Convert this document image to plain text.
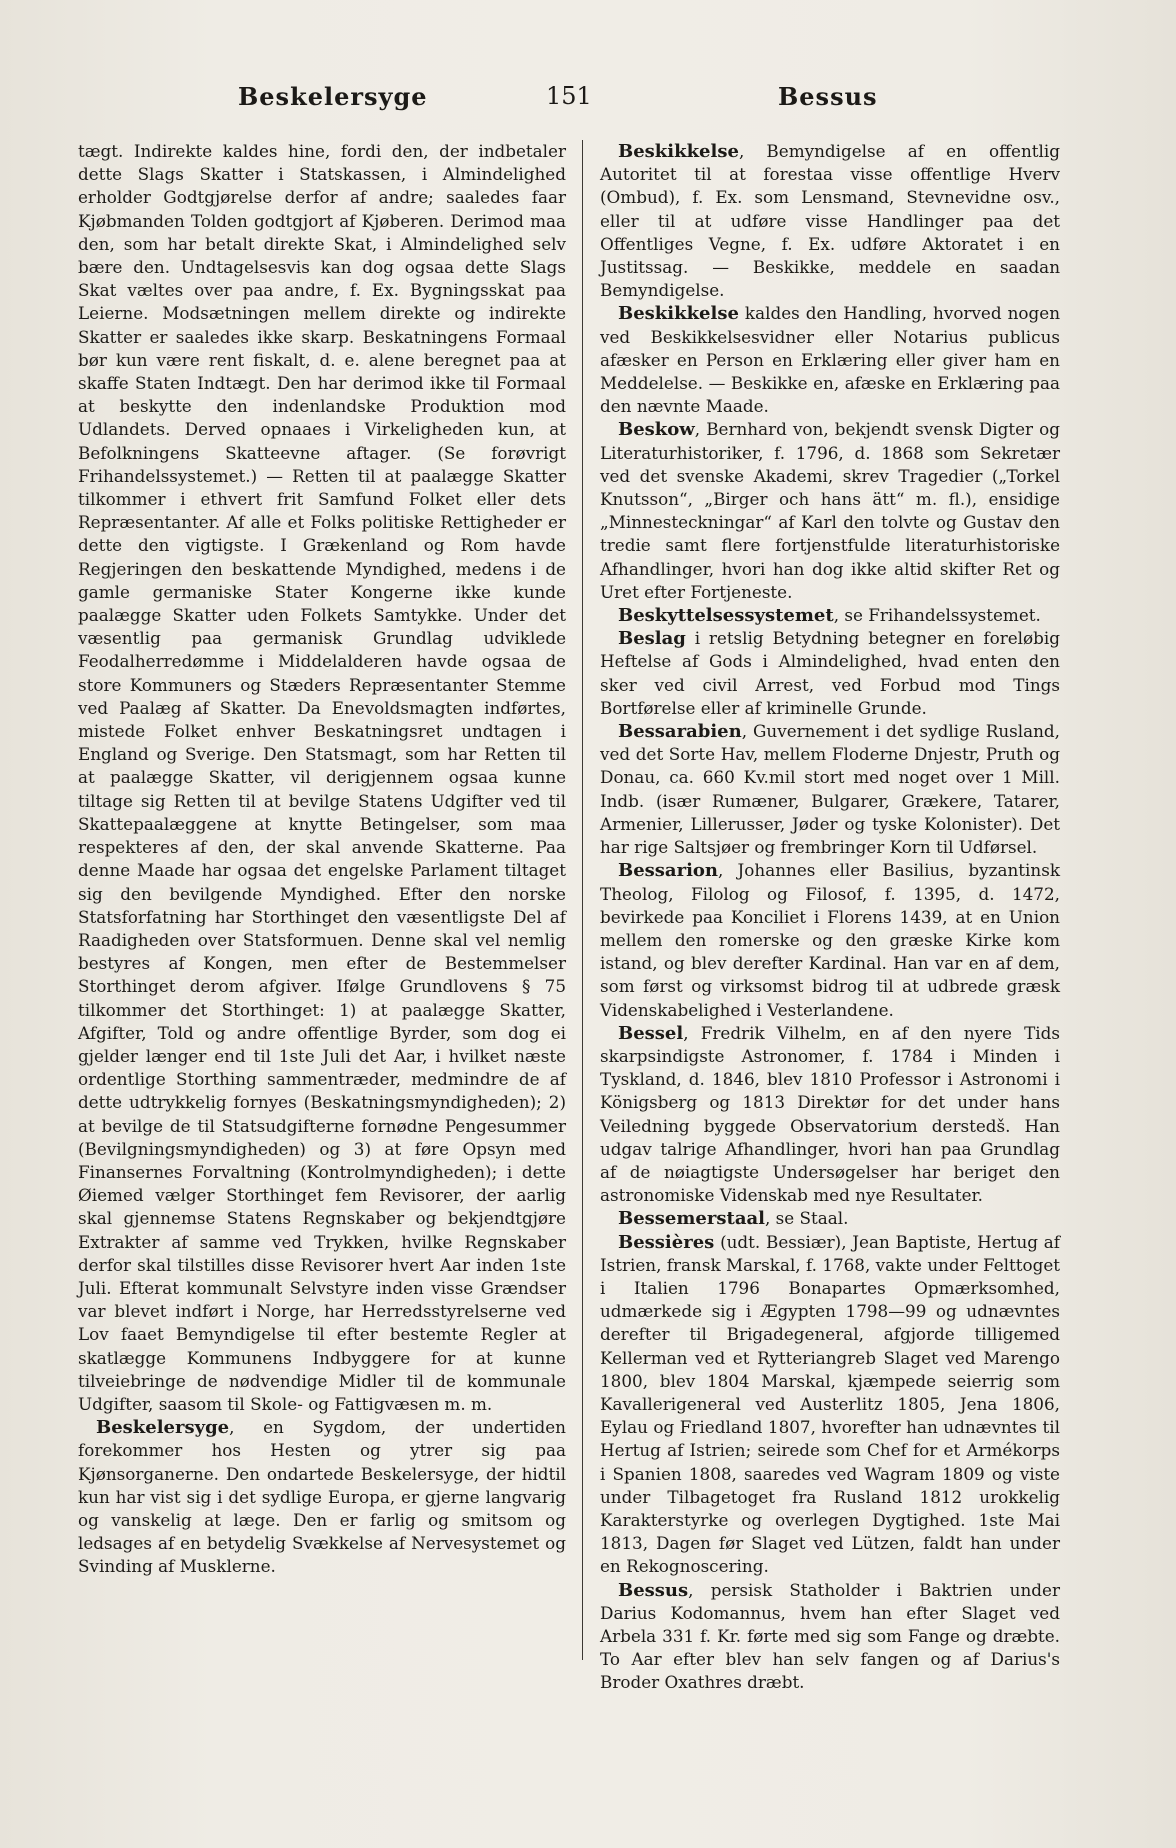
Beskelersyge	151	Bessus

tægt. Indirekte kaldes hine, fordi den, der indbetaler dette Slags Skatter i Statskassen, i Almindelighed erholder Godtgjørelse derfor af andre; saaledes faar Kjøbmanden Tolden godtgjort af Kjøberen. Derimod maa den, som har betalt direkte Skat, i Almindelighed selv bære den. Undtagelsesvis kan dog ogsaa dette Slags Skat væltes over paa andre, f. Ex. Bygningsskat paa Leierne. Modsætningen mellem direkte og indirekte Skatter er saaledes ikke skarp. Beskatningens Formaal bør kun være rent fiskalt, d. e. alene beregnet paa at skaffe Staten Indtægt. Den har derimod ikke til Formaal at beskytte den indenlandske Produktion mod Udlandets. Derved opnaaes i Virkeligheden kun, at Befolkningens Skatteevne aftager. (Se forøvrigt Frihandelssystemet.) — Retten til at paalægge Skatter tilkommer i ethvert frit Samfund Folket eller dets Repræsentanter. Af alle et Folks politiske Rettigheder er dette den vigtigste. I Grækenland og Rom havde Regjeringen den beskattende Myndighed, medens i de gamle germaniske Stater Kongerne ikke kunde paalægge Skatter uden Folkets Samtykke. Under det væsentlig paa germanisk Grundlag udviklede Feodalherredømme i Middelalderen havde ogsaa de store Kommuners og Stæders Repræsentanter Stemme ved Paalæg af Skatter. Da Enevoldsmagten indførtes, mistede Folket enhver Beskatningsret undtagen i England og Sverige. Den Statsmagt, som har Retten til at paalægge Skatter, vil derigjennem ogsaa kunne tiltage sig Retten til at bevilge Statens Udgifter ved til Skattepaalæggene at knytte Betingelser, som maa respekteres af den, der skal anvende Skatterne. Paa denne Maade har ogsaa det engelske Parlament tiltaget sig den bevilgende Myndighed. Efter den norske Statsforfatning har Storthinget den væsentligste Del af Raadigheden over Statsformuen. Denne skal vel nemlig bestyres af Kongen, men efter de Bestemmelser Storthinget derom afgiver. Ifølge Grundlovens § 75 tilkommer det Storthinget: 1) at paalægge Skatter, Afgifter, Told og andre offentlige Byrder, som dog ei gjelder længer end til 1ste Juli det Aar, i hvilket næste ordentlige Storthing sammentræder, medmindre de af dette udtrykkelig fornyes (Beskatningsmyndigheden); 2) at bevilge de til Statsudgifterne fornødne Pengesummer (Bevilgningsmyndigheden) og 3) at føre Opsyn med Finansernes Forvaltning (Kontrolmyndigheden); i dette Øiemed vælger Storthinget fem Revisorer, der aarlig skal gjennemse Statens Regnskaber og bekjendtgjøre Extrakter af samme ved Trykken, hvilke Regnskaber derfor skal tilstilles disse Revisorer hvert Aar inden 1ste Juli. Efterat kommunalt Selvstyre inden visse Grændser var blevet indført i Norge, har Herredsstyrelserne ved Lov faaet Bemyndigelse til efter bestemte Regler at skatlægge Kommunens Indbyggere for at kunne tilveiebringe de nødvendige Midler til de kommunale Udgifter, saasom til Skole- og Fattigvæsen m. m.

Beskelersyge, en Sygdom, der undertiden forekommer hos Hesten og ytrer sig paa Kjønsorganerne. Den ondartede Beskelersyge, der hidtil kun har vist sig i det sydlige Europa, er gjerne langvarig og vanskelig at læge. Den er farlig og smitsom og ledsages af en betydelig Svækkelse af Nervesystemet og Svinding af Musklerne.

Beskikkelse, Bemyndigelse af en offentlig Autoritet til at forestaa visse offentlige Hverv (Ombud), f. Ex. som Lensmand, Stevnevidne osv., eller til at udføre visse Handlinger paa det Offentliges Vegne, f. Ex. udføre Aktoratet i en Justitssag. — Beskikke, meddele en saadan Bemyndigelse.

Beskikkelse kaldes den Handling, hvorved nogen ved Beskikkelsesvidner eller Notarius publicus afæsker en Person en Erklæring eller giver ham en Meddelelse. — Beskikke en, afæske en Erklæring paa den nævnte Maade.

Beskow, Bernhard von, bekjendt svensk Digter og Literaturhistoriker, f. 1796, d. 1868 som Sekretær ved det svenske Akademi, skrev Tragedier („Torkel Knutsson“, „Birger och hans ätt“ m. fl.), ensidige „Minnesteckningar“ af Karl den tolvte og Gustav den tredie samt flere fortjenstfulde literaturhistoriske Afhandlinger, hvori han dog ikke altid skifter Ret og Uret efter Fortjeneste.

Beskyttelsessystemet, se Frihandelssystemet.

Beslag i retslig Betydning betegner en foreløbig Heftelse af Gods i Almindelighed, hvad enten den sker ved civil Arrest, ved Forbud mod Tings Bortførelse eller af kriminelle Grunde.

Bessarabien, Guvernement i det sydlige Rusland, ved det Sorte Hav, mellem Floderne Dnjestr, Pruth og Donau, ca. 660 Kv.mil stort med noget over 1 Mill. Indb. (især Rumæner, Bulgarer, Grækere, Tatarer, Armenier, Lillerusser, Jøder og tyske Kolonister). Det har rige Saltsjøer og frembringer Korn til Udførsel.

Bessarion, Johannes eller Basilius, byzantinsk Theolog, Filolog og Filosof, f. 1395, d. 1472, bevirkede paa Konciliet i Florens 1439, at en Union mellem den romerske og den græske Kirke kom istand, og blev derefter Kardinal. Han var en af dem, som først og virksomst bidrog til at udbrede græsk Videnskabelighed i Vesterlandene.

Bessel, Fredrik Vilhelm, en af den nyere Tids skarpsindigste Astronomer, f. 1784 i Minden i Tyskland, d. 1846, blev 1810 Professor i Astronomi i Königsberg og 1813 Direktør for det under hans Veiledning byggede Observatorium derstedš. Han udgav talrige Afhandlinger, hvori han paa Grundlag af de nøiagtigste Undersøgelser har beriget den astronomiske Videnskab med nye Resultater.

Bessemerstaal, se Staal.

Bessières (udt. Bessiær), Jean Baptiste, Hertug af Istrien, fransk Marskal, f. 1768, vakte under Felttoget i Italien 1796 Bonapartes Opmærksomhed, udmærkede sig i Ægypten 1798—99 og udnævntes derefter til Brigadegeneral, afgjorde tilligemed Kellerman ved et Rytteriangreb Slaget ved Marengo 1800, blev 1804 Marskal, kjæmpede seierrig som Kavallerigeneral ved Austerlitz 1805, Jena 1806, Eylau og Friedland 1807, hvorefter han udnævntes til Hertug af Istrien; seirede som Chef for et Armékorps i Spanien 1808, saaredes ved Wagram 1809 og viste under Tilbagetoget fra Rusland 1812 urokkelig Karakterstyrke og overlegen Dygtighed. 1ste Mai 1813, Dagen før Slaget ved Lützen, faldt han under en Rekognoscering.

Bessus, persisk Statholder i Baktrien under Darius Kodomannus, hvem han efter Slaget ved Arbela 331 f. Kr. førte med sig som Fange og dræbte. To Aar efter blev han selv fangen og af Darius's Broder Oxathres dræbt.
